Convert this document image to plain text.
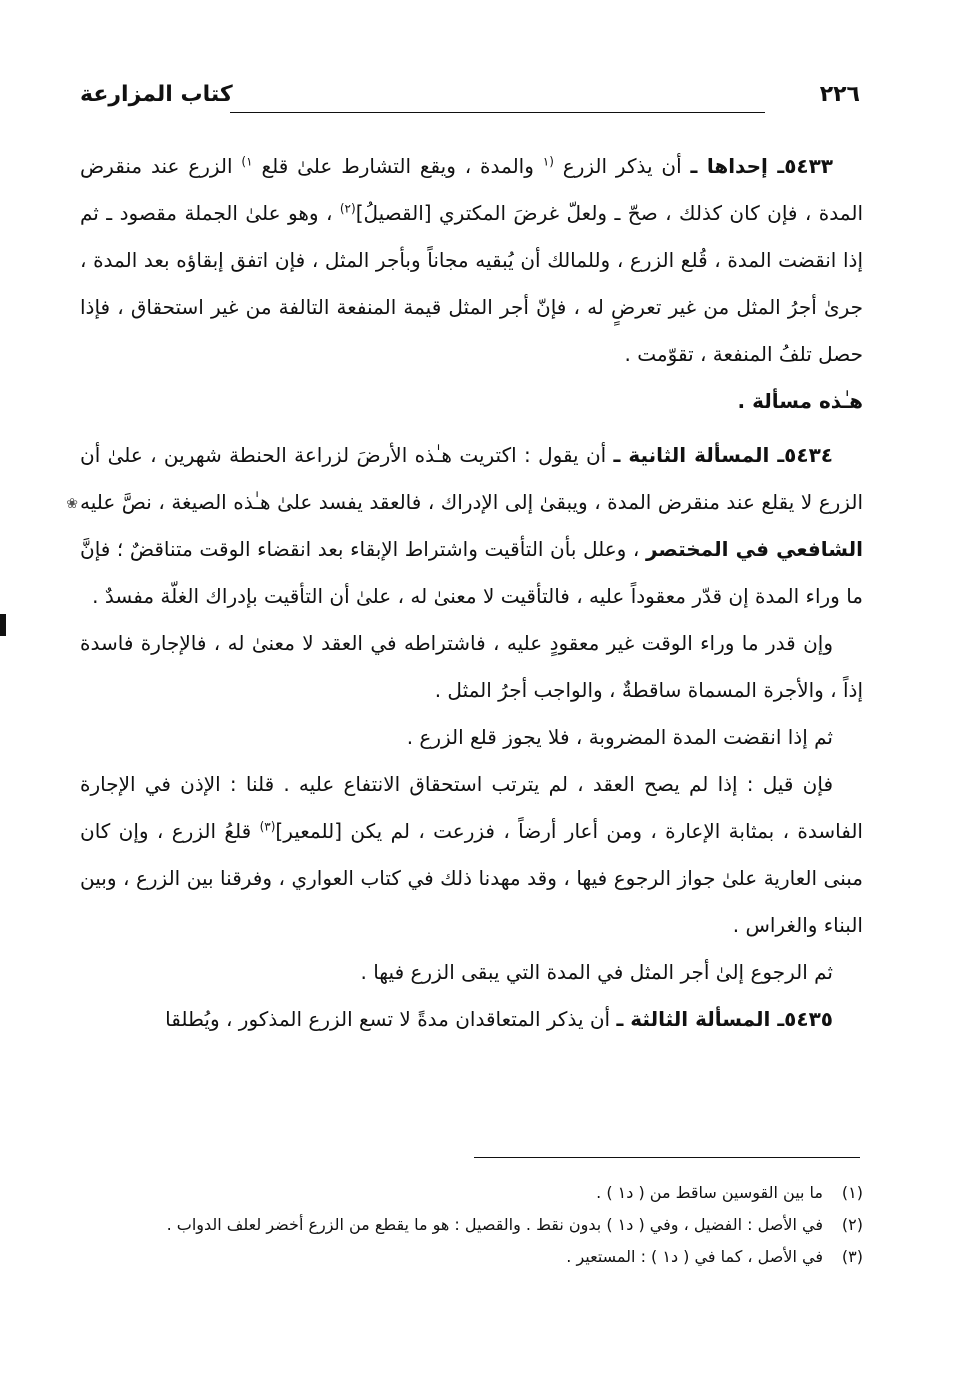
٢٢٦
كتاب المزارعة
❀

٥٤٣٣ـ إحداها ـ أن يذكر الزرع $^{(١}$ والمدة ، ويقع التشارط علىٰ قلع $^{١)}$ الزرع عند منقرض المدة ، فإن كان كذلك ، صحّ ـ ولعلّ غرضَ المكتري [القصيلُ]$^{(٢)}$ ، وهو علىٰ الجملة مقصود ـ ثم إذا انقضت المدة ، قُلع الزرع ، وللمالك أن يُبقيه مجاناً وبأجر المثل ، فإن اتفق إبقاؤه بعد المدة ، جرىٰ أجرُ المثل من غير تعرضٍ له ، فإنّ أجر المثل قيمة المنفعة التالفة من غير استحقاق ، فإذا حصل تلفُ المنفعة ، تقوّمت .

هـٰذه مسألة .

٥٤٣٤ـ المسألة الثانية ـ أن يقول : اكتريت هـٰذه الأرضَ لزراعة الحنطة شهرين ، علىٰ أن الزرع لا يقلع عند منقرض المدة ، ويبقىٰ إلى الإدراك ، فالعقد يفسد علىٰ هـٰذه الصيغة ، نصَّ عليه الشافعي في المختصر ، وعلل بأن التأقيت واشتراط الإبقاء بعد انقضاء الوقت متناقضٌ ؛ فإنَّ ما وراء المدة إن قدّر معقوداً عليه ، فالتأقيت لا معنىٰ له ، علىٰ أن التأقيت بإدراك الغلّة مفسدٌ .

وإن قدر ما وراء الوقت غير معقودٍ عليه ، فاشتراطه في العقد لا معنىٰ له ، فالإجارة فاسدة إذاً ، والأجرة المسماة ساقطةٌ ، والواجب أجرُ المثل .

ثم إذا انقضت المدة المضروبة ، فلا يجوز قلع الزرع .

فإن قيل : إذا لم يصح العقد ، لم يترتب استحقاق الانتفاع عليه . قلنا : الإذن في الإجارة الفاسدة ، بمثابة الإعارة ، ومن أعار أرضاً ، فزرعت ، لم يكن [للمعير]$^{(٣)}$ قلعُ الزرع ، وإن كان مبنى العارية علىٰ جواز الرجوع فيها ، وقد مهدنا ذلك في كتاب العواري ، وفرقنا بين الزرع ، وبين البناء والغراس .

ثم الرجوع إلىٰ أجر المثل في المدة التي يبقى الزرع فيها .

٥٤٣٥ـ المسألة الثالثة ـ أن يذكر المتعاقدان مدةً لا تسع الزرع المذكور ، ويُطلقا

(١)
ما بين القوسين ساقط من ( د١ ) .
(٢)
في الأصل : الفضيل ، وفي ( د١ ) بدون نقط . والقصيل : هو ما يقطع من الزرع أخضر لعلف الدواب .
(٣)
في الأصل ، كما في ( د١ ) : المستعير .
